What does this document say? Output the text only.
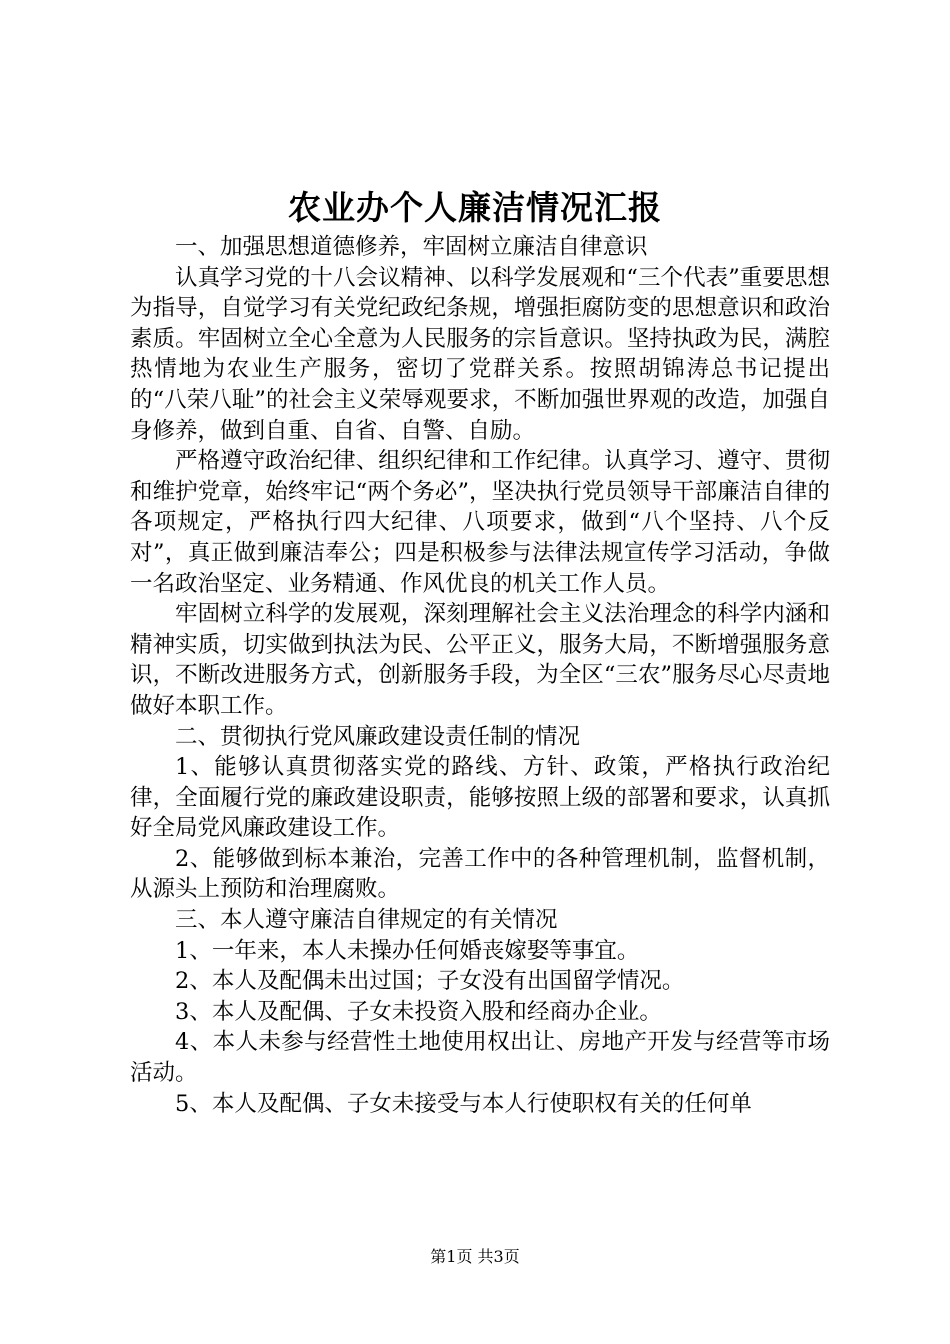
农业办个人廉洁情况汇报

一、加强思想道德修养，牢固树立廉洁自律意识

认真学习党的十八会议精神、以科学发展观和“三个代表”重要思想为指导，自觉学习有关党纪政纪条规，增强拒腐防变的思想意识和政治素质。牢固树立全心全意为人民服务的宗旨意识。坚持执政为民，满腔热情地为农业生产服务，密切了党群关系。按照胡锦涛总书记提出的“八荣八耻”的社会主义荣辱观要求，不断加强世界观的改造，加强自身修养，做到自重、自省、自警、自励。

严格遵守政治纪律、组织纪律和工作纪律。认真学习、遵守、贯彻和维护党章，始终牢记“两个务必”，坚决执行党员领导干部廉洁自律的各项规定，严格执行四大纪律、八项要求，做到“八个坚持、八个反对”，真正做到廉洁奉公；四是积极参与法律法规宣传学习活动，争做一名政治坚定、业务精通、作风优良的机关工作人员。

牢固树立科学的发展观，深刻理解社会主义法治理念的科学内涵和精神实质，切实做到执法为民、公平正义，服务大局，不断增强服务意识，不断改进服务方式，创新服务手段，为全区“三农”服务尽心尽责地做好本职工作。

二、贯彻执行党风廉政建设责任制的情况

1、能够认真贯彻落实党的路线、方针、政策，严格执行政治纪律，全面履行党的廉政建设职责，能够按照上级的部署和要求，认真抓好全局党风廉政建设工作。

2、能够做到标本兼治，完善工作中的各种管理机制，监督机制，从源头上预防和治理腐败。

三、本人遵守廉洁自律规定的有关情况

1、一年来，本人未操办任何婚丧嫁娶等事宜。

2、本人及配偶未出过国；子女没有出国留学情况。

3、本人及配偶、子女未投资入股和经商办企业。

4、本人未参与经营性土地使用权出让、房地产开发与经营等市场活动。

5、本人及配偶、子女未接受与本人行使职权有关的任何单

第1页 共3页
